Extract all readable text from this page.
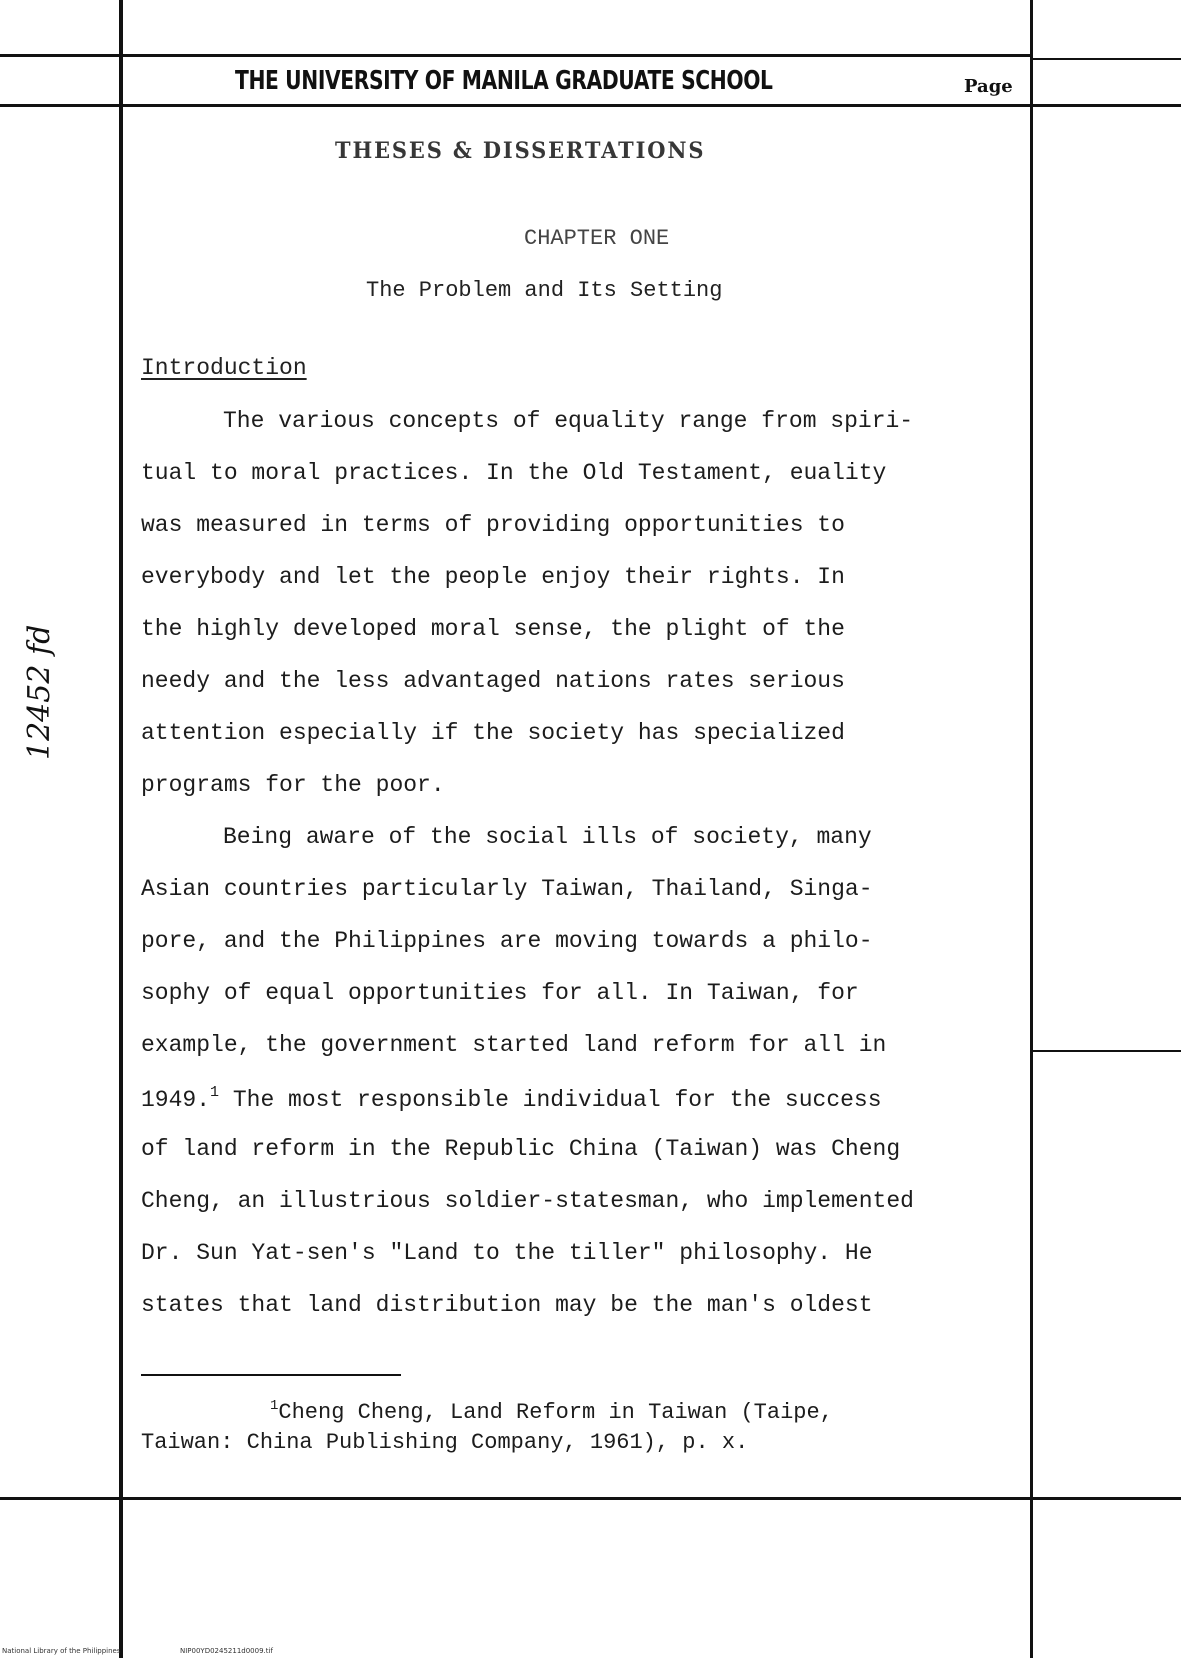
THE UNIVERSITY OF MANILA GRADUATE SCHOOL	Page
THESES & DISSERTATIONS
CHAPTER ONE
The Problem and Its Setting
Introduction
The various concepts of equality range from spiri-
tual to moral practices. In the Old Testament, euality
was measured in terms of providing opportunities to
everybody and let the people enjoy their rights. In
the highly developed moral sense, the plight of the
needy and the less advantaged nations rates serious
attention especially if the society has specialized
programs for the poor.
Being aware of the social ills of society, many
Asian countries particularly Taiwan, Thailand, Singa-
pore, and the Philippines are moving towards a philo-
sophy of equal opportunities for all. In Taiwan, for
example, the government started land reform for all in
1949.$^1$ The most responsible individual for the success
of land reform in the Republic China (Taiwan) was Cheng
Cheng, an illustrious soldier-statesman, who implemented
Dr. Sun Yat-sen's "Land to the tiller" philosophy. He
states that land distribution may be the man's oldest
$^1$Cheng Cheng, Land Reform in Taiwan (Taipe,
Taiwan: China Publishing Company, 1961), p. x.
12452 fd
National Library of the Philippines	NIP00YD0245211d0009.tif
